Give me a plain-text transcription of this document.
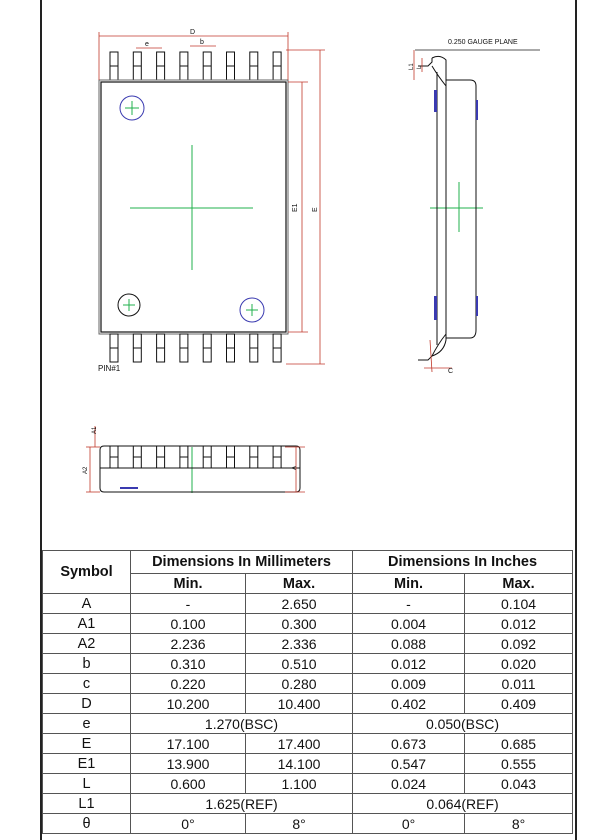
D
e	b
E1 E
PIN#1
0.250 GAUGE PLANE
L1 L
C
A1
A2	A
Symbol	Dimensions In Millimeters		Dimensions In Inches	
	Min.	Max.	Min.	Max.
A	-	2.650	-	0.104
A1	0.100	0.300	0.004	0.012
A2	2.236	2.336	0.088	0.092
b	0.310	0.510	0.012	0.020
c	0.220	0.280	0.009	0.011
D	10.200	10.400	0.402	0.409
e	1.270(BSC)		0.050(BSC)	
E	17.100	17.400	0.673	0.685
E1	13.900	14.100	0.547	0.555
L	0.600	1.100	0.024	0.043
L1	1.625(REF)		0.064(REF)	
θ	0°	8°	0°	8°
